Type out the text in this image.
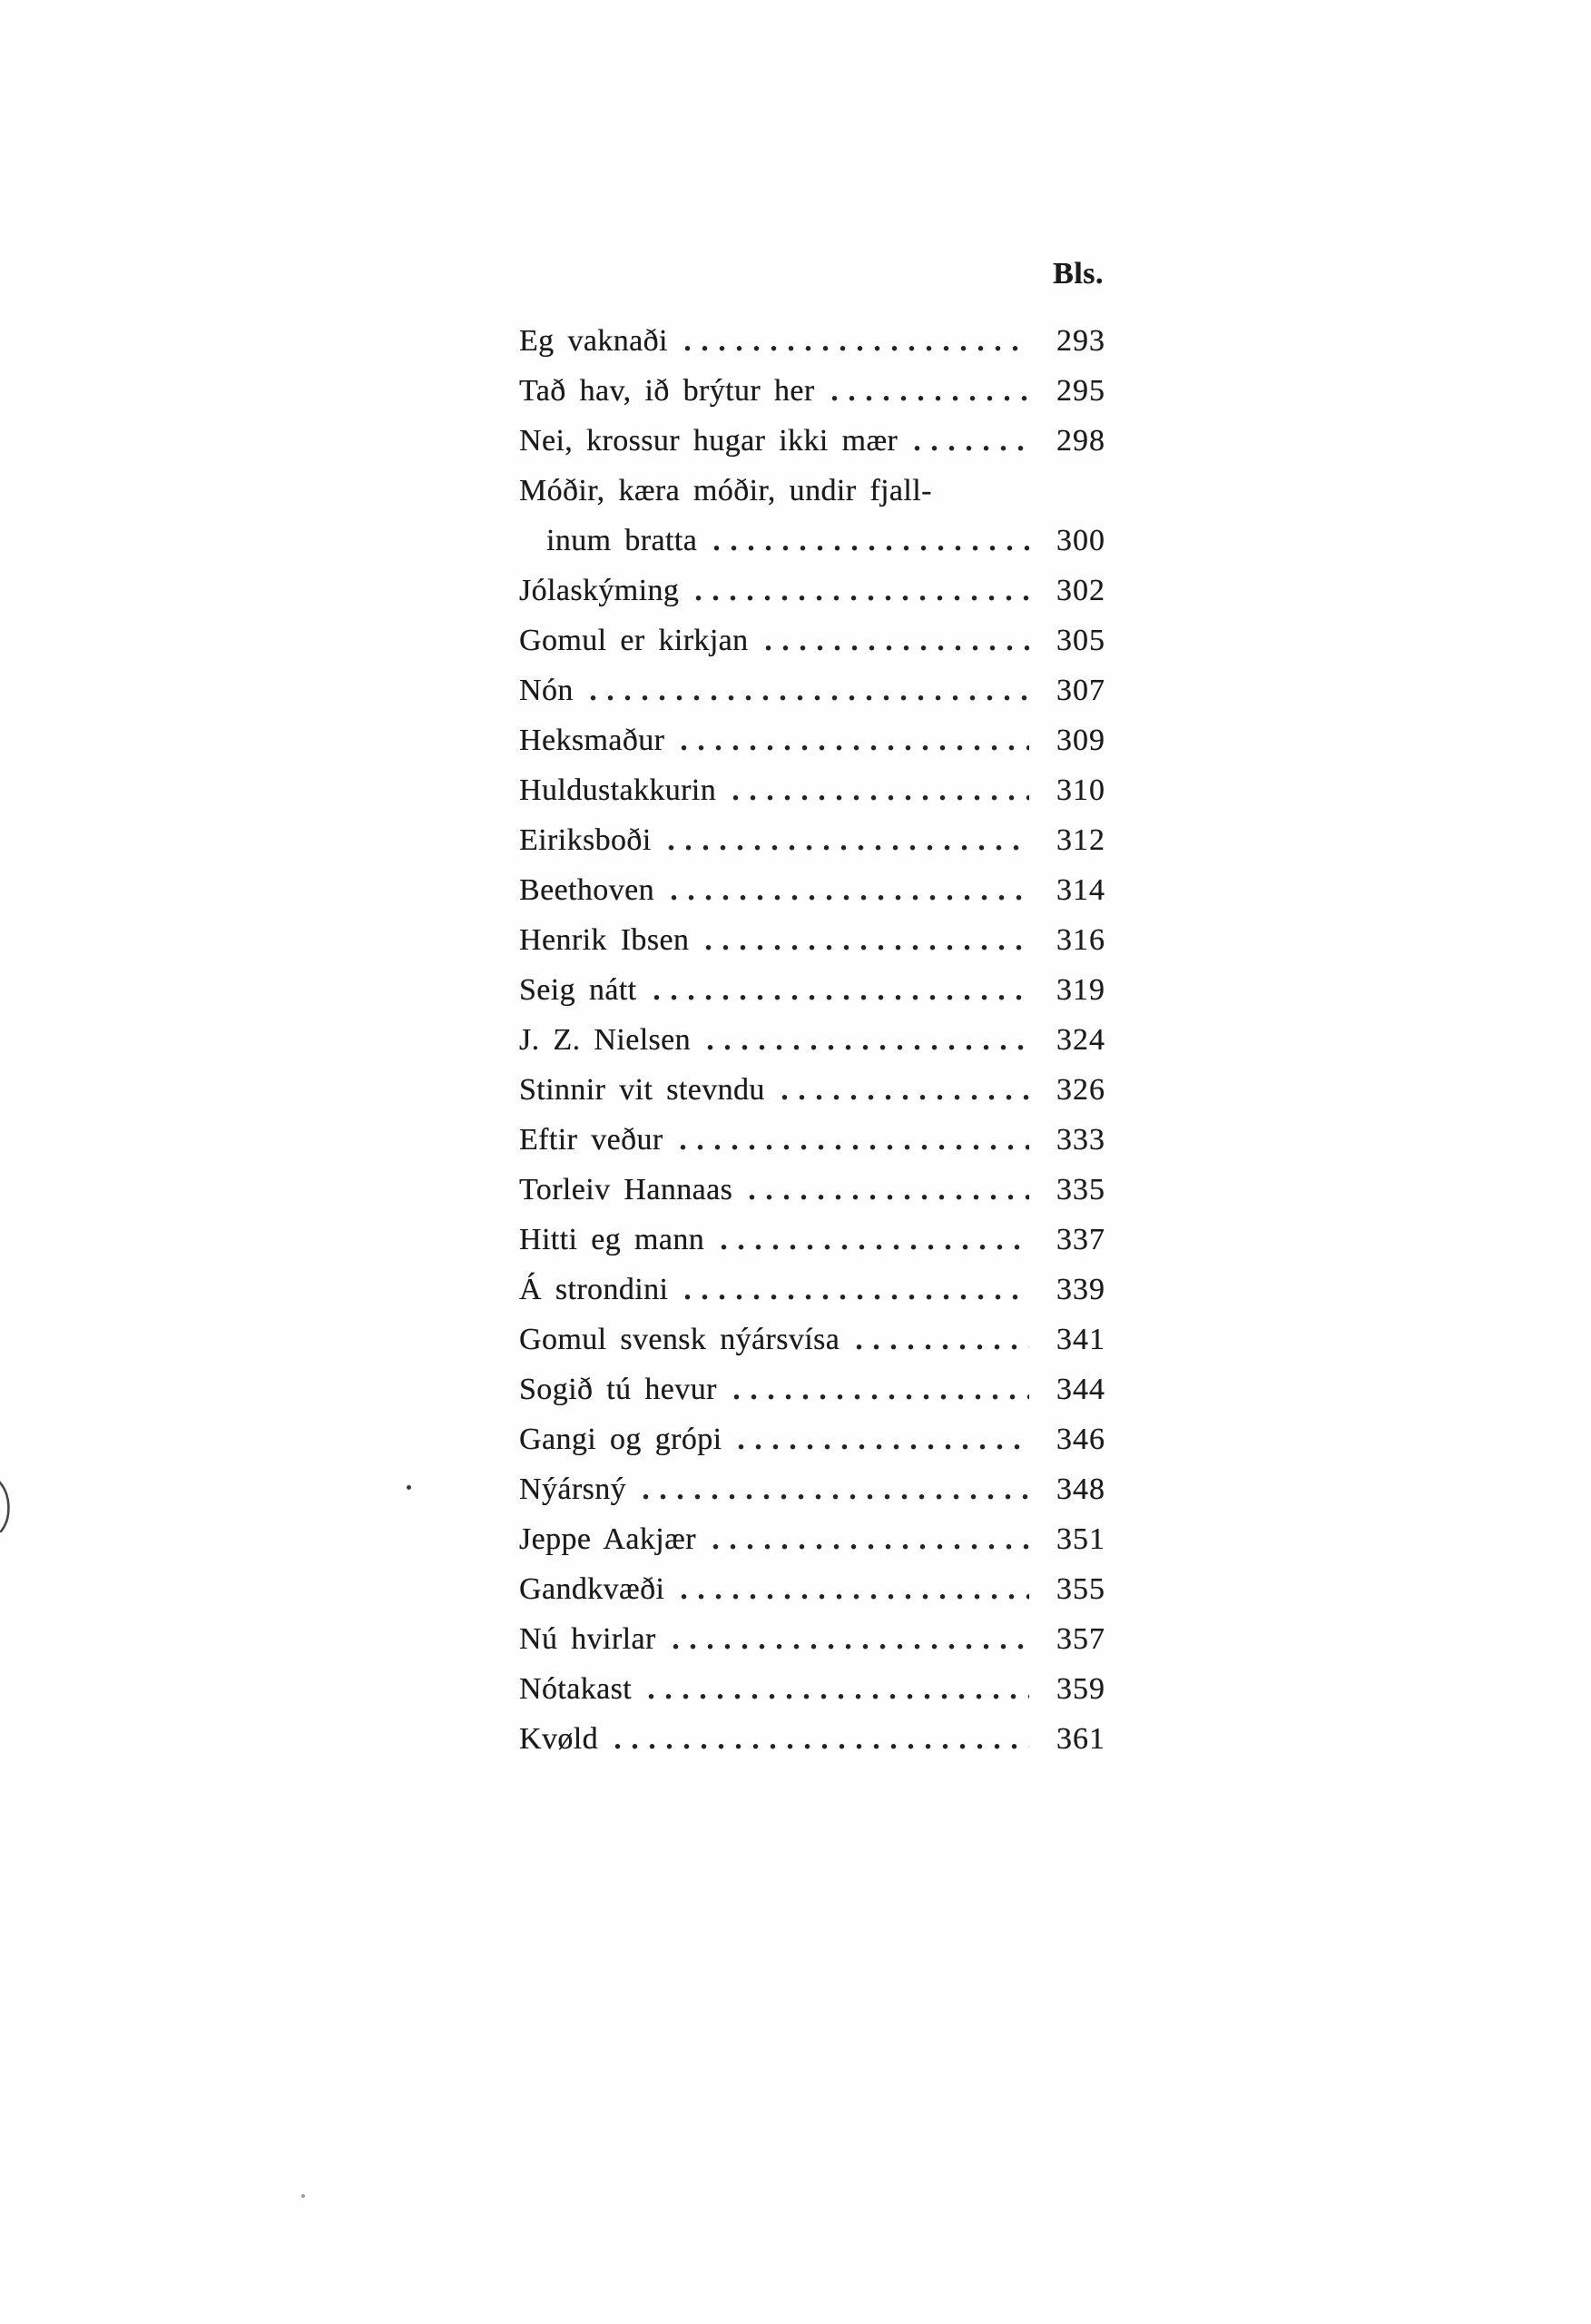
Bls.
Eg vaknaði	293
Tað hav, ið brýtur her	295
Nei, krossur hugar ikki mær	298
Móðir, kæra móðir, undir fjall-
inum bratta	300
Jólaskýming	302
Gomul er kirkjan	305
Nón	307
Heksmaður	309
Huldustakkurin	310
Eiriksboði	312
Beethoven	314
Henrik Ibsen	316
Seig nátt	319
J. Z. Nielsen	324
Stinnir vit stevndu	326
Eftir veður	333
Torleiv Hannaas	335
Hitti eg mann	337
Á strondini	339
Gomul svensk nýársvísa	341
Sogið tú hevur	344
Gangi og grópi	346
Nýársný	348
Jeppe Aakjær	351
Gandkvæði	355
Nú hvirlar	357
Nótakast	359
Kvøld	361
